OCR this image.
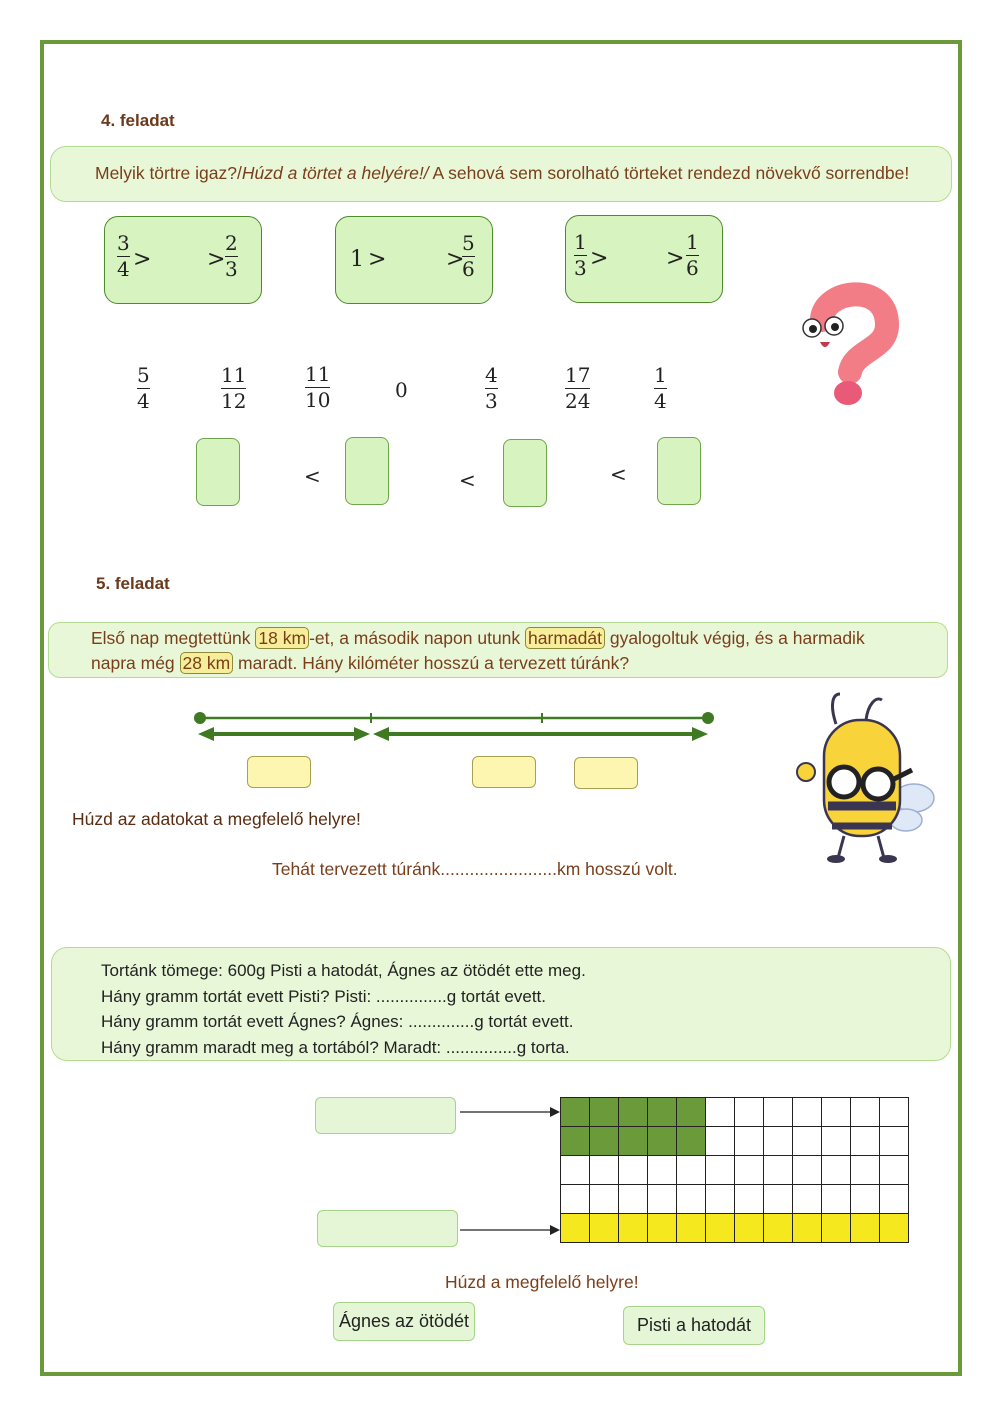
4. feladat
Melyik törtre igaz?/Húzd a törtet a helyére!/ A sehová sem sorolható törteket rendezd növekvő sorrendbe!
3
4 >	>
2
3	1 >	>
5
6
1
3 >	>
1
6
5
4
11
12
11
10	0
4
3
17
24
1
4
<	<	<
5. feladat
Első nap megtettünk 18 km -et, a második napon utunk harmadát gyalogoltuk végig, és a harmadik
napra még 28 km maradt. Hány kilóméter hosszú a tervezett túránk?
Húzd az adatokat a megfelelő helyre!
Tehát tervezett túránk........................km hosszú volt.
Tortánk tömege: 600g Pisti a hatodát, Ágnes az ötödét ette meg.
Hány gramm tortát evett Pisti? Pisti: ...............g tortát evett.
Hány gramm tortát evett Ágnes? Ágnes: ..............g tortát evett.
Hány gramm maradt meg a tortából? Maradt: ...............g torta.

Húzd a megfelelő helyre!
Ágnes az ötödét	Pisti a hatodát
